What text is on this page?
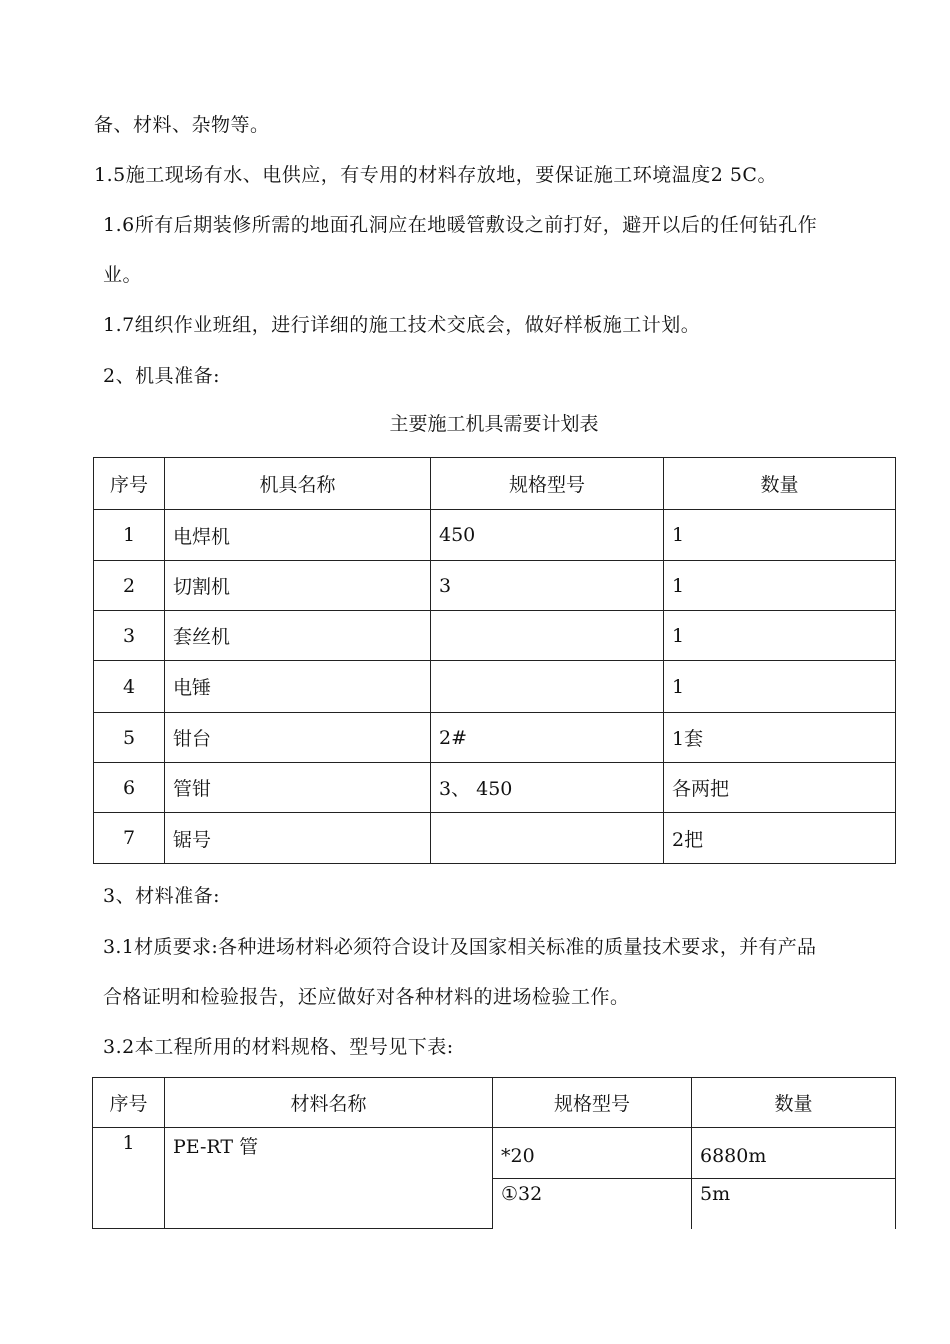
备、材料、杂物等。
1.5施工现场有水、电供应，有专用的材料存放地，要保证施工环境温度2 5C。
1.6所有后期装修所需的地面孔洞应在地暖管敷设之前打好，避开以后的任何钻孔作
业。
1.7组织作业班组，进行详细的施工技术交底会，做好样板施工计划。
2、机具准备:
主要施工机具需要计划表
序号	机具名称	规格型号	数量
1	电焊机	450	1
2	切割机	3	1
3	套丝机		1
4	电锤		1
5	钳台	2#	1套
6	管钳	3、 450	各两把
7	锯号		2把
3、材料准备:
3.1材质要求:各种进场材料必须符合设计及国家相关标准的质量技术要求，并有产品
合格证明和检验报告，还应做好对各种材料的进场检验工作。
3.2本工程所用的材料规格、型号见下表:
序号	材料名称	规格型号	数量
1	PE-RT 管	*20	6880m
		①32	5m
